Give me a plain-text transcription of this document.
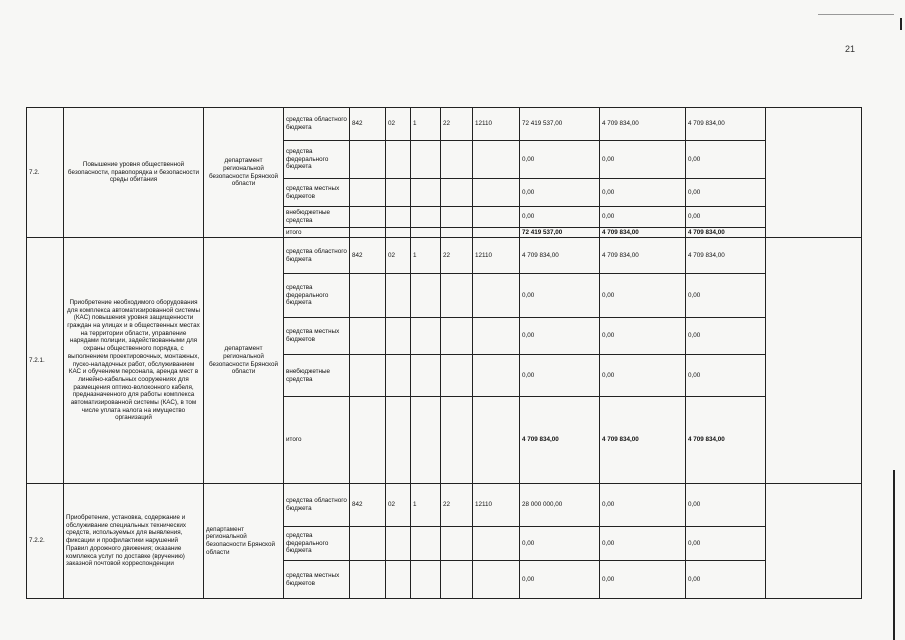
21
7.2.	Повышение уровня общественной безопасности, правопорядка и безопасности среды обитания	департамент региональной безопасности Брянской области	средства областного бюджета	842	02	1	22	12110	72 419 537,00	4 709 834,00	4 709 834,00	
			средства федерального бюджета						0,00	0,00	0,00	
			средства местных бюджетов						0,00	0,00	0,00	
			внебюджетные средства						0,00	0,00	0,00	
			итого						72 419 537,00	4 709 834,00	4 709 834,00	
7.2.1.	Приобретение необходимого оборудования для комплекса автоматизированной системы (КАС) повышения уровня защищенности граждан на улицах и в общественных местах на территории области, управление нарядами полиции, задействованными для охраны общественного порядка, с выполнением проектировочных, монтажных, пуско-наладочных работ, обслуживанием КАС и обучением персонала, аренда мест в линейно-кабельных сооружениях для размещения оптико-волоконного кабеля, предназначенного для работы комплекса автоматизированной системы (КАС), в том числе уплата налога на имущество организаций	департамент региональной безопасности Брянской области	средства областного бюджета	842	02	1	22	12110	4 709 834,00	4 709 834,00	4 709 834,00	
			средства федерального бюджета						0,00	0,00	0,00	
			средства местных бюджетов						0,00	0,00	0,00	
			внебюджетные средства						0,00	0,00	0,00	
			итого						4 709 834,00	4 709 834,00	4 709 834,00	
7.2.2.	Приобретение, установка, содержание и обслуживание специальных технических средств, используемых для выявления, фиксации и профилактики нарушений Правил дорожного движения; оказание комплекса услуг по доставке (вручению) заказной почтовой корреспонденции	департамент региональной безопасности Брянской области	средства областного бюджета	842	02	1	22	12110	28 000 000,00	0,00	0,00	
			средства федерального бюджета						0,00	0,00	0,00	
			средства местных бюджетов						0,00	0,00	0,00	
